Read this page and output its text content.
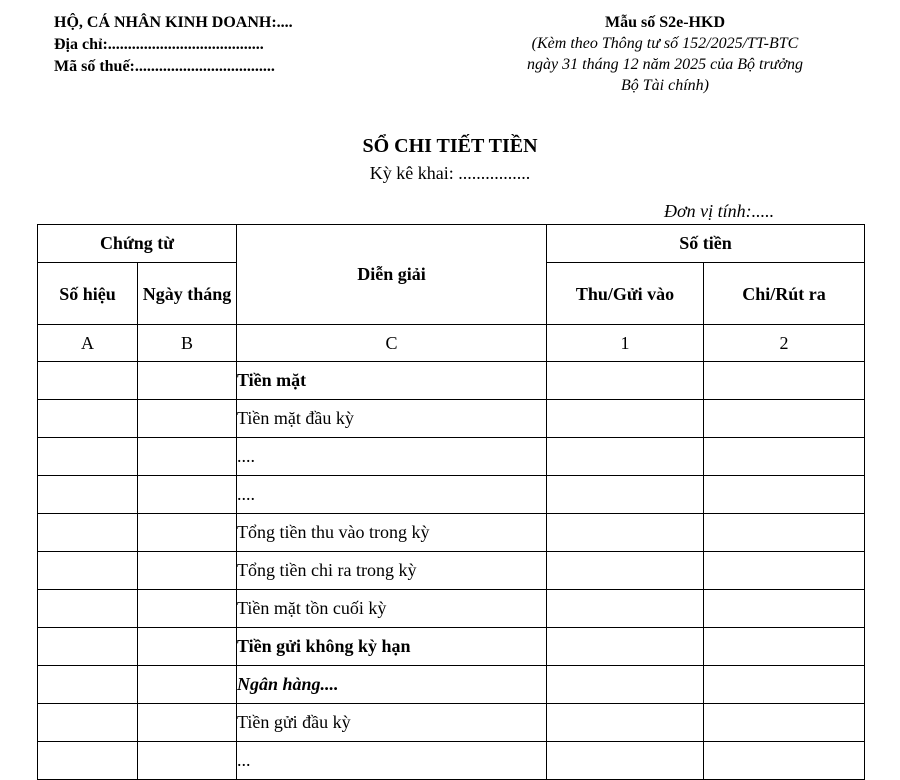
HỘ, CÁ NHÂN KINH DOANH:....
Địa chỉ:.......................................
Mã số thuế:...................................
Mẫu số S2e-HKD
(Kèm theo Thông tư số 152/2025/TT-BTC
ngày 31 tháng 12 năm 2025 của Bộ trưởng
Bộ Tài chính)
SỔ CHI TIẾT TIỀN
Kỳ kê khai: ................
Đơn vị tính:.....
Chứng từ		Diễn giải	Số tiền	
Số hiệu	Ngày tháng		Thu/Gửi vào	Chi/Rút ra
A	B	C	1	2
		Tiền mặt		
		Tiền mặt đầu kỳ		
		....		
		....		
		Tổng tiền thu vào trong kỳ		
		Tổng tiền chi ra trong kỳ		
		Tiền mặt tồn cuối kỳ		
		Tiền gửi không kỳ hạn		
		Ngân hàng....		
		Tiền gửi đầu kỳ		
		...		
